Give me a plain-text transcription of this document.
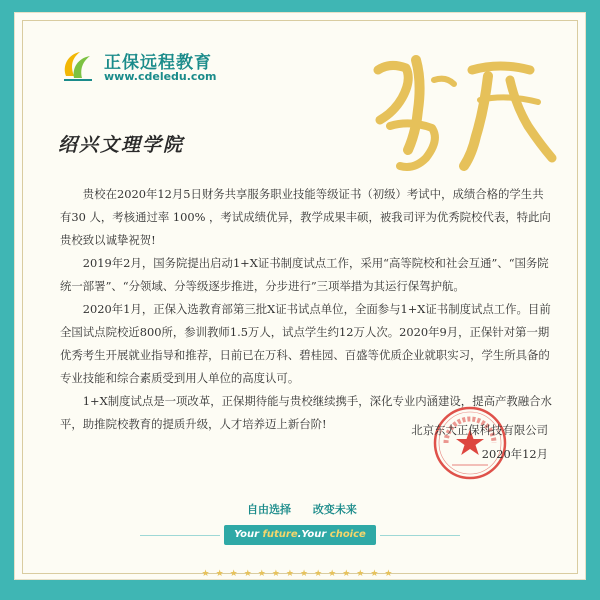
正保远程教育
www.cdeledu.com
绍兴文理学院

贵校在2020年12月5日财务共享服务职业技能等级证书（初级）考试中，成绩合格的学生共有30 人，考核通过率 100% ，考试成绩优异，教学成果丰硕，被我司评为优秀院校代表，特此向贵校致以诚挚祝贺!

2019年2月，国务院提出启动1+X证书制度试点工作，采用“高等院校和社会互通”、“国务院统一部署”、“分领域、分等级逐步推进，分步进行”三项举措为其运行保驾护航。

2020年1月，正保入选教育部第三批X证书试点单位，全面参与1+X证书制度试点工作。目前全国试点院校近800所，参训教师1.5万人，试点学生约12万人次。2020年9月，正保针对第一期优秀考生开展就业指导和推荐，日前已在万科、碧桂园、百盛等优质企业就职实习，学生所具备的专业技能和综合素质受到用人单位的高度认可。

1+X制度试点是一项改革，正保期待能与贵校继续携手，深化专业内涵建设，提高产教融合水平，助推院校教育的提质升级，人才培养迈上新台阶!	北京东大正保科技有限公司
2020年12月
自由选择 改变未来
Your future.Your choice
★★★★★★★★★★★★★★
